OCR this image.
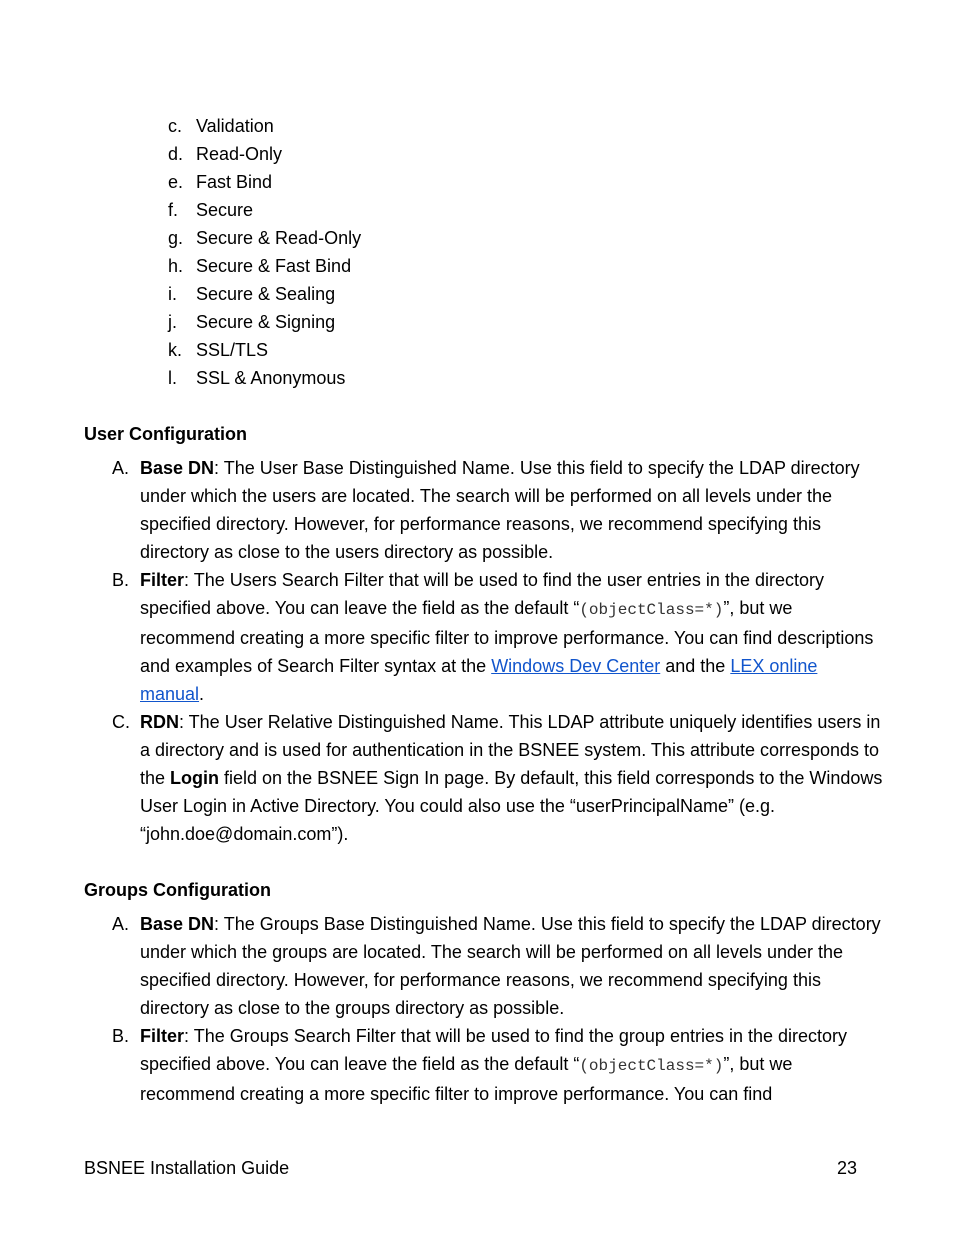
c. Validation
d. Read-Only
e. Fast Bind
f. Secure
g. Secure & Read-Only
h. Secure & Fast Bind
i. Secure & Sealing
j. Secure & Signing
k. SSL/TLS
l. SSL & Anonymous
User Configuration
A. Base DN: The User Base Distinguished Name. Use this field to specify the LDAP directory under which the users are located. The search will be performed on all levels under the specified directory. However, for performance reasons, we recommend specifying this directory as close to the users directory as possible.
B. Filter: The Users Search Filter that will be used to find the user entries in the directory specified above. You can leave the field as the default “(objectClass=*)”, but we recommend creating a more specific filter to improve performance. You can find descriptions and examples of Search Filter syntax at the Windows Dev Center and the LEX online manual.
C. RDN: The User Relative Distinguished Name. This LDAP attribute uniquely identifies users in a directory and is used for authentication in the BSNEE system. This attribute corresponds to the Login field on the BSNEE Sign In page. By default, this field corresponds to the Windows User Login in Active Directory. You could also use the “userPrincipalName” (e.g. “john.doe@domain.com”).
Groups Configuration
A. Base DN: The Groups Base Distinguished Name. Use this field to specify the LDAP directory under which the groups are located. The search will be performed on all levels under the specified directory. However, for performance reasons, we recommend specifying this directory as close to the groups directory as possible.
B. Filter: The Groups Search Filter that will be used to find the group entries in the directory specified above. You can leave the field as the default “(objectClass=*)”, but we recommend creating a more specific filter to improve performance. You can find
BSNEE Installation Guide	23
